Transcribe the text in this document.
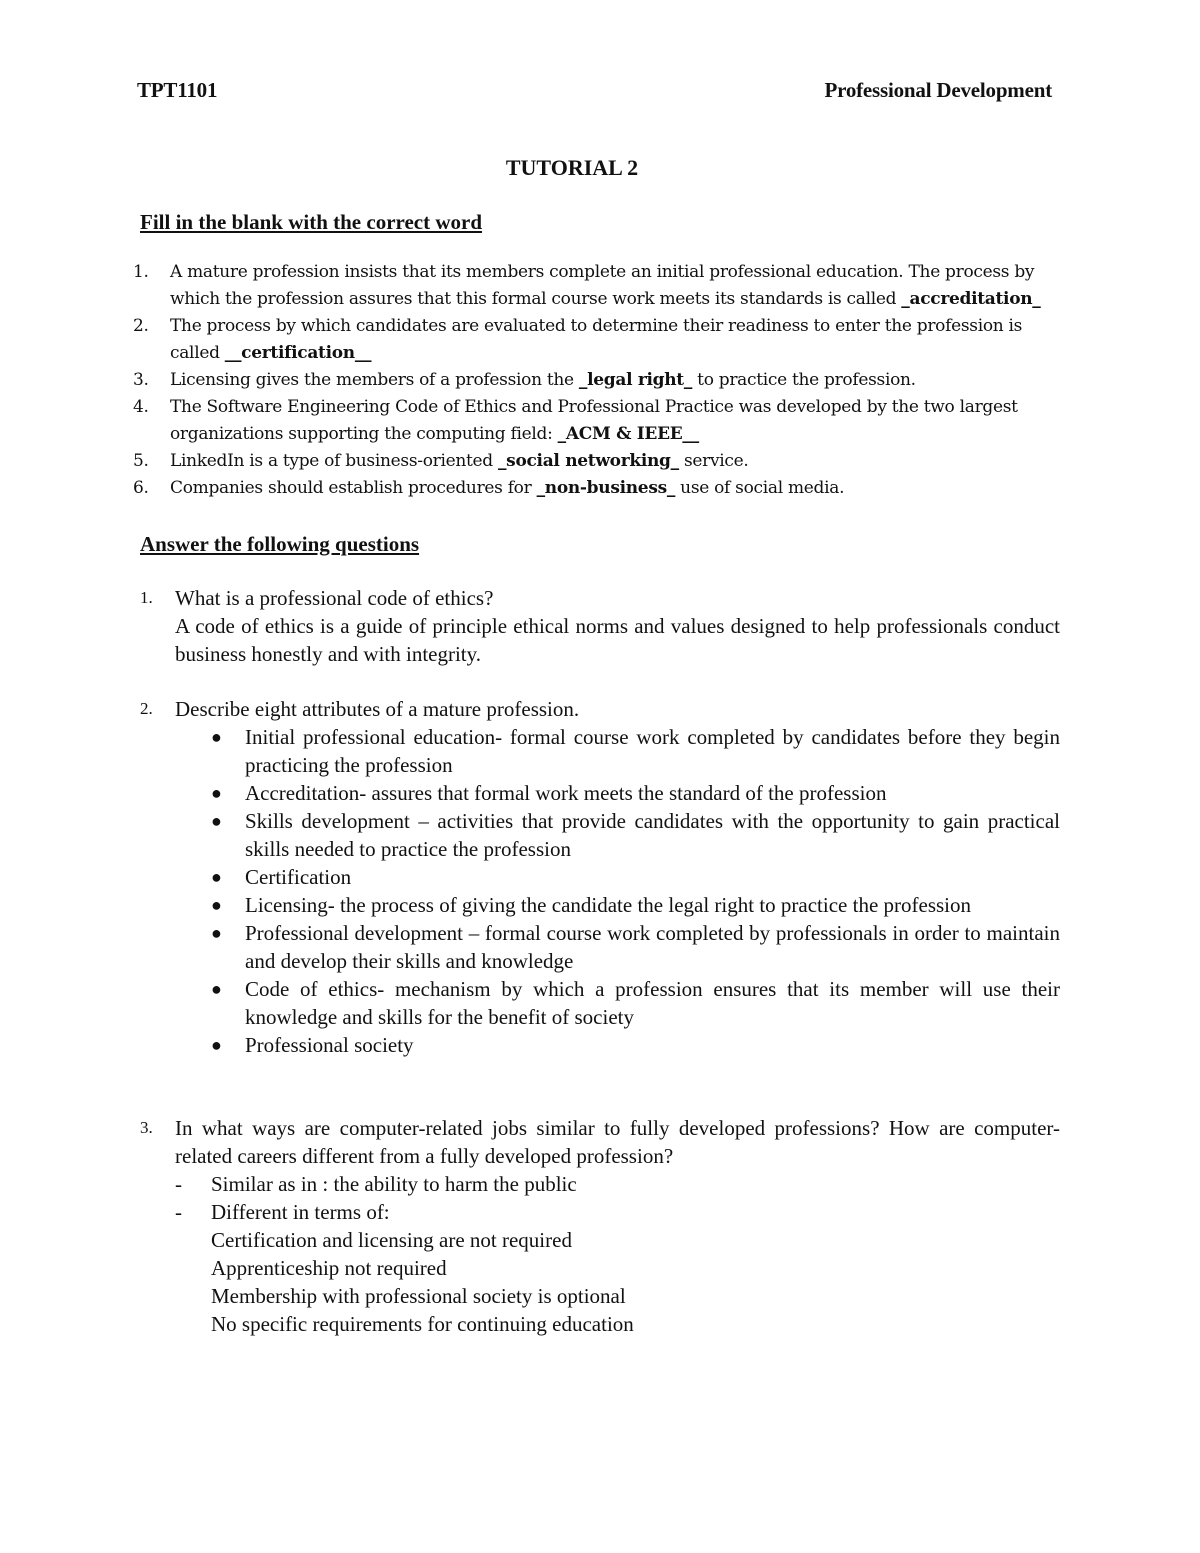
TPT1101	Professional Development
TUTORIAL 2
Fill in the blank with the correct word
1.	A mature profession insists that its members complete an initial professional education. The process by which the profession assures that this formal course work meets its standards is called _accreditation_
2.	The process by which candidates are evaluated to determine their readiness to enter the profession is called __certification__
3.	Licensing gives the members of a profession the _legal right_ to practice the profession.
4.	The Software Engineering Code of Ethics and Professional Practice was developed by the two largest organizations supporting the computing field: _ACM & IEEE__
5.	LinkedIn is a type of business-oriented _social networking_ service.
6.	Companies should establish procedures for _non-business_ use of social media.
Answer the following questions
1.	What is a professional code of ethics?
A code of ethics is a guide of principle ethical norms and values designed to help professionals conduct business honestly and with integrity.
2.	Describe eight attributes of a mature profession.
●	Initial professional education- formal course work completed by candidates before they begin practicing the profession
●	Accreditation- assures that formal work meets the standard of the profession
●	Skills development – activities that provide candidates with the opportunity to gain practical skills needed to practice the profession
●	Certification
●	Licensing- the process of giving the candidate the legal right to practice the profession
●	Professional development – formal course work completed by professionals in order to maintain and develop their skills and knowledge
●	Code of ethics- mechanism by which a profession ensures that its member will use their knowledge and skills for the benefit of society
●	Professional society
3.	In what ways are computer-related jobs similar to fully developed professions? How are computer-related careers different from a fully developed profession?
-	Similar as in : the ability to harm the public
-	Different in terms of:
Certification and licensing are not required
Apprenticeship not required
Membership with professional society is optional
No specific requirements for continuing education
